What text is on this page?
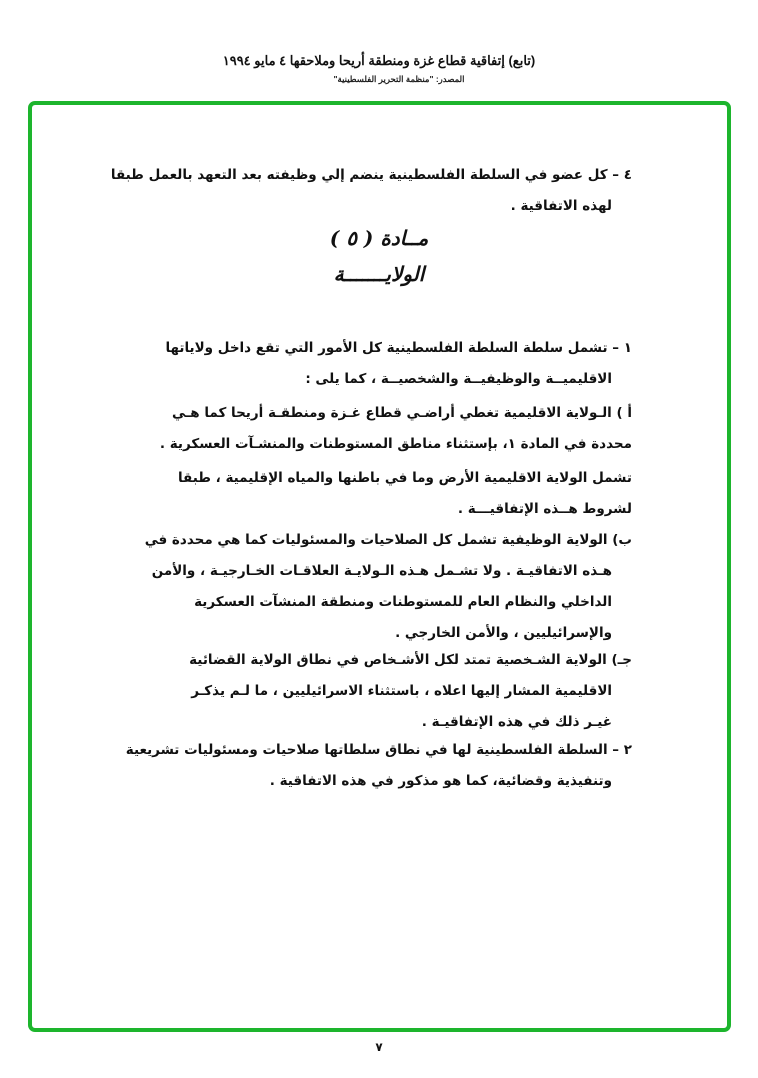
(تابع) إتفاقية قطاع غزة ومنطقة أريحا وملاحقها ٤ مايو ١٩٩٤
المصدر: "منظمة التحرير الفلسطينية"
٤ – كل عضو في السلطة الفلسطينية ينضم إلي وظيفته بعد التعهد بالعمل طبقا
لهذه الاتفاقية .
١ – تشمل سلطة السلطة الفلسطينية كل الأمور التي تقع داخل ولاياتها
الاقليميــة والوظيفيــة والشخصيــة ، كما يلى :
أ ) الـولاية الاقليمية تغطي أراضـي قطاع غـزة ومنطقـة أريحا كما هـي
محددة في المادة ١، بإستثناء مناطق المستوطنات والمنشـآت العسكرية .
تشمل الولاية الاقليمية الأرض وما في باطنها والمياه الإقليمية ، طبقا
لشروط هــذه الإتفاقيـــة .
ب) الولاية الوظيفية تشمل كل الصلاحيات والمسئوليات كما هي محددة في
هـذه الاتفاقيـة . ولا تشـمل هـذه الـولايـة العلاقـات الخـارجيـة ، والأمن
الداخلي والنظام العام للمستوطنات ومنطقة المنشآت العسكرية
والإسرائيليين ، والأمن الخارجي .
جـ) الولاية الشـخصية تمتد لكل الأشـخاص في نطاق الولاية القضائية
الاقليمية المشار إليها اعلاه ، باستثناء الاسرائيليين ، ما لـم يذكـر
غيـر ذلك في هذه الإتفاقيـة .
٢ – السلطة الفلسطينية لها في نطاق سلطاتها صلاحيات ومسئوليات تشريعية
وتنفيذية وقضائية، كما هو مذكور في هذه الاتفاقية .
مــادة ( ٥ )
الولايـــــــة
٧
